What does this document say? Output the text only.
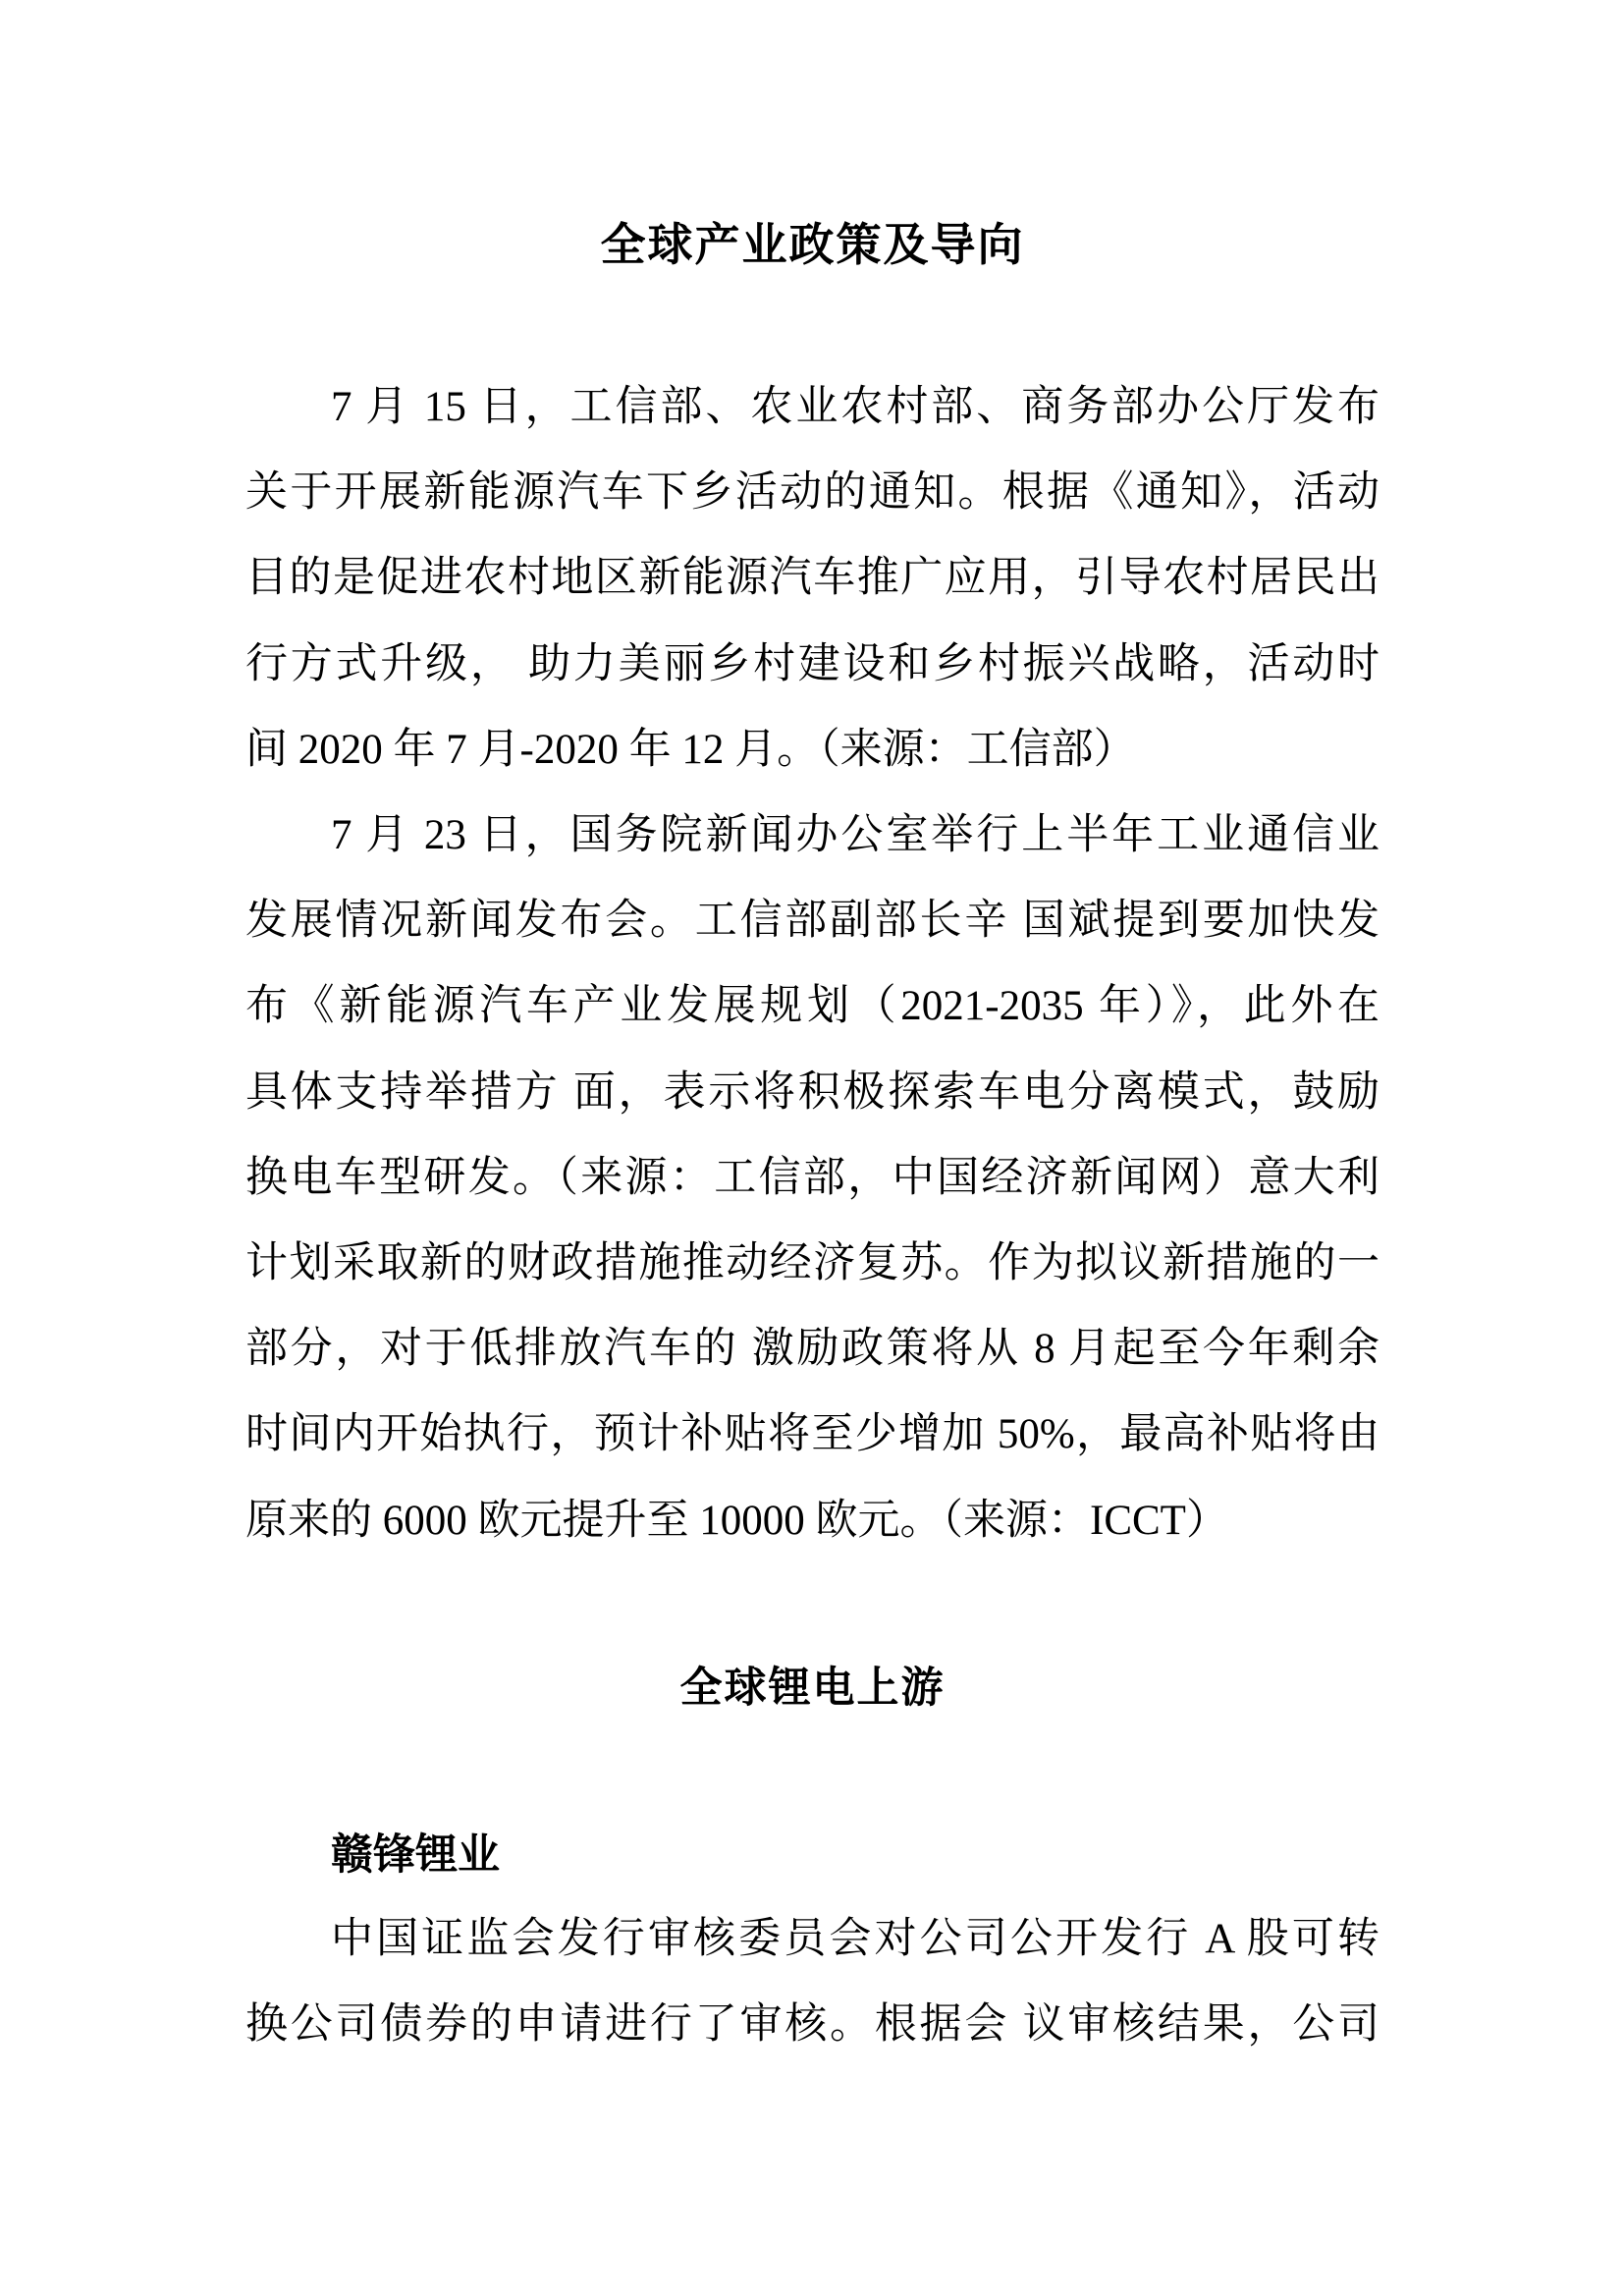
全球产业政策及导向
7 月 15 日，工信部、农业农村部、商务部办公厅发布
关于开展新能源汽车下乡活动的通知。根据《通知》，活动
目的是促进农村地区新能源汽车推广应用，引导农村居民出
行方式升级， 助力美丽乡村建设和乡村振兴战略，活动时
间 2020 年 7 月-2020 年 12 月。（来源：工信部）
7 月 23 日，国务院新闻办公室举行上半年工业通信业
发展情况新闻发布会。工信部副部长辛 国斌提到要加快发
布《新能源汽车产业发展规划（2021-2035 年）》，此外在
具体支持举措方 面，表示将积极探索车电分离模式，鼓励
换电车型研发。（来源：工信部，中国经济新闻网）意大利
计划采取新的财政措施推动经济复苏。作为拟议新措施的一
部分，对于低排放汽车的 激励政策将从 8 月起至今年剩余
时间内开始执行，预计补贴将至少增加 50%，最高补贴将由
原来的 6000 欧元提升至 10000 欧元。（来源：ICCT）
全球锂电上游
赣锋锂业
中国证监会发行审核委员会对公司公开发行 A 股可转
换公司债券的申请进行了审核。根据会 议审核结果，公司
